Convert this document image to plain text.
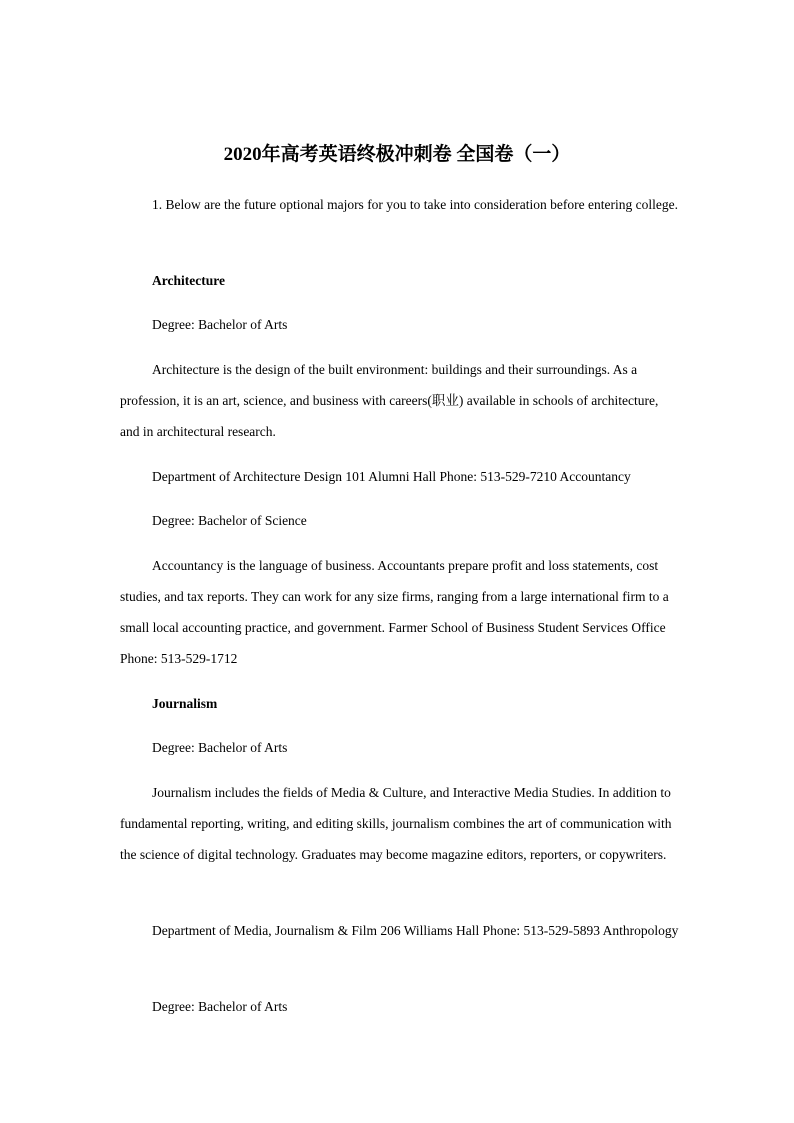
2020年高考英语终极冲刺卷 全国卷（一）
1. Below are the future optional majors for you to take into consideration before entering college.
Architecture
Degree: Bachelor of Arts
Architecture is the design of the built environment: buildings and their surroundings. As a profession, it is an art, science, and business with careers(职业) available in schools of architecture, and in architectural research.
Department of Architecture Design 101 Alumni Hall Phone: 513-529-7210 Accountancy
Degree: Bachelor of Science
Accountancy is the language of business. Accountants prepare profit and loss statements, cost studies, and tax reports. They can work for any size firms, ranging from a large international firm to a small local accounting practice, and government. Farmer School of Business Student Services Office Phone: 513-529-1712
Journalism
Degree: Bachelor of Arts
Journalism includes the fields of Media & Culture, and Interactive Media Studies. In addition to fundamental reporting, writing, and editing skills, journalism combines the art of communication with the science of digital technology. Graduates may become magazine editors, reporters, or copywriters.
Department of Media, Journalism & Film 206 Williams Hall Phone: 513-529-5893 Anthropology
Degree: Bachelor of Arts
